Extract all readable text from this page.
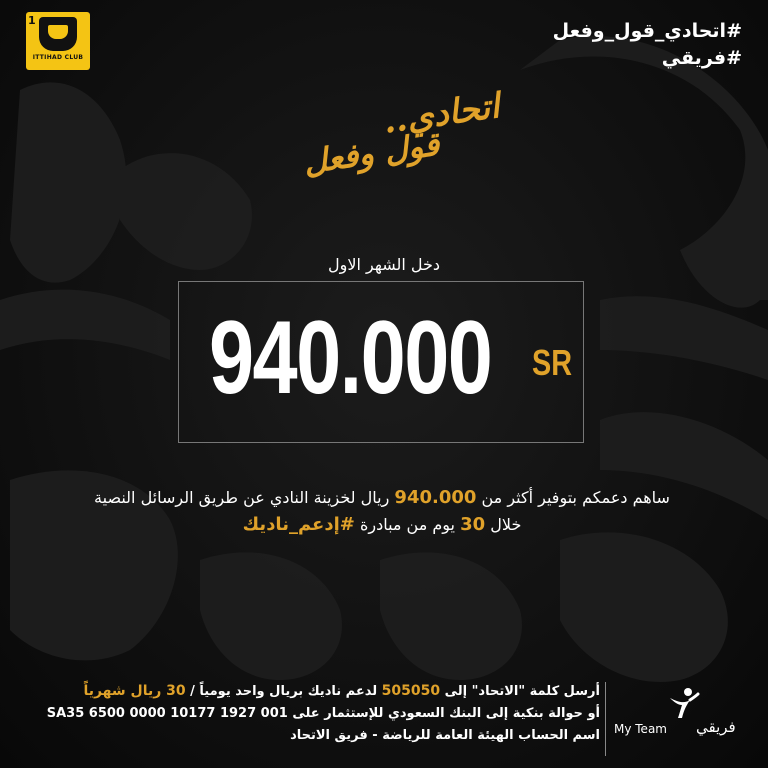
1
ITTIHAD CLUB
#اتحادي_قول_وفعل
#فريقي
اتحادي..
قول وفعل
دخل الشهر الاول
940.000 SR
ساهم دعمكم بتوفير أكثر من 940.000 ريال لخزينة النادي عن طريق الرسائل النصية
خلال 30 يوم من مبادرة #إدعم_ناديك
أرسل كلمة "الاتحاد" إلى 505050 لدعم ناديك بريال واحد يومياً / 30 ريال شهرياً
أو حوالة بنكية إلى البنك السعودي للإستثمار على SA35 6500 0000 10177 1927 001
اسم الحساب الهيئة العامة للرياضة - فريق الاتحاد My Team فريقي
